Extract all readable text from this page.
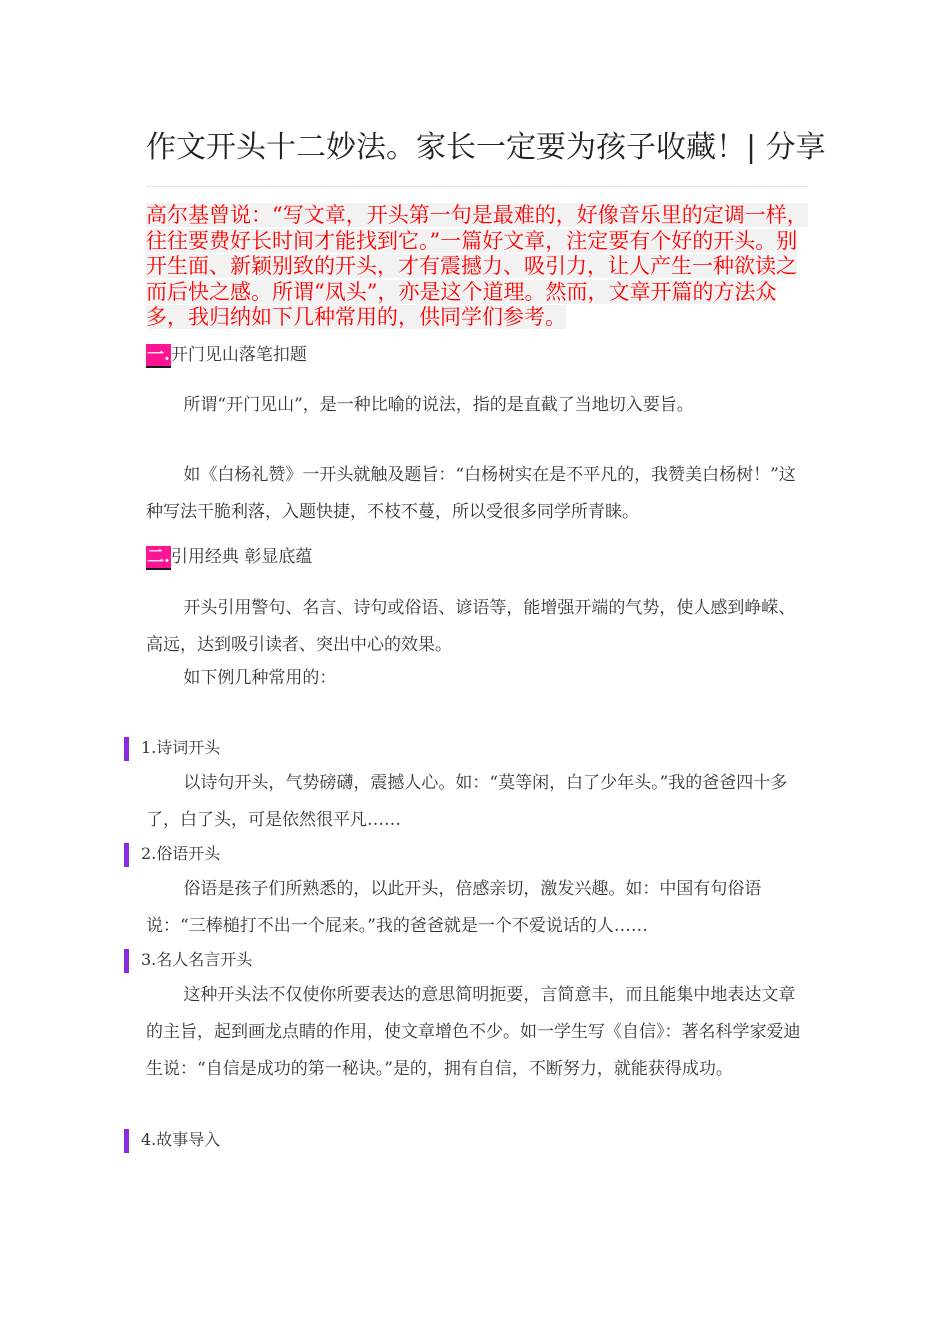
作文开头十二妙法。家长一定要为孩子收藏！| 分享
高尔基曾说：“写文章，开头第一句是最难的，好像音乐里的定调一样，往往要费好长时间才能找到它。”一篇好文章，注定要有个好的开头。别开生面、新颖别致的开头，才有震撼力、吸引力，让人产生一种欲读之而后快之感。所谓“凤头”，亦是这个道理。然而，文章开篇的方法众多，我归纳如下几种常用的，供同学们参考。
一.开门见山落笔扣题
所谓“开门见山”，是一种比喻的说法，指的是直截了当地切入要旨。
如《白杨礼赞》一开头就触及题旨：“白杨树实在是不平凡的，我赞美白杨树！”这种写法干脆利落，入题快捷，不枝不蔓，所以受很多同学所青睐。
二.引用经典 彰显底蕴
开头引用警句、名言、诗句或俗语、谚语等，能增强开端的气势，使人感到峥嵘、高远，达到吸引读者、突出中心的效果。
如下例几种常用的：
1.诗词开头
以诗句开头，气势磅礴，震撼人心。如：“莫等闲，白了少年头。”我的爸爸四十多了，白了头，可是依然很平凡……
2.俗语开头
俗语是孩子们所熟悉的，以此开头，倍感亲切，激发兴趣。如：中国有句俗语说：“三棒槌打不出一个屁来。”我的爸爸就是一个不爱说话的人……
3.名人名言开头
这种开头法不仅使你所要表达的意思简明扼要，言简意丰，而且能集中地表达文章的主旨，起到画龙点睛的作用，使文章增色不少。如一学生写《自信》：著名科学家爱迪生说：“自信是成功的第一秘诀。”是的，拥有自信，不断努力，就能获得成功。
4.故事导入
